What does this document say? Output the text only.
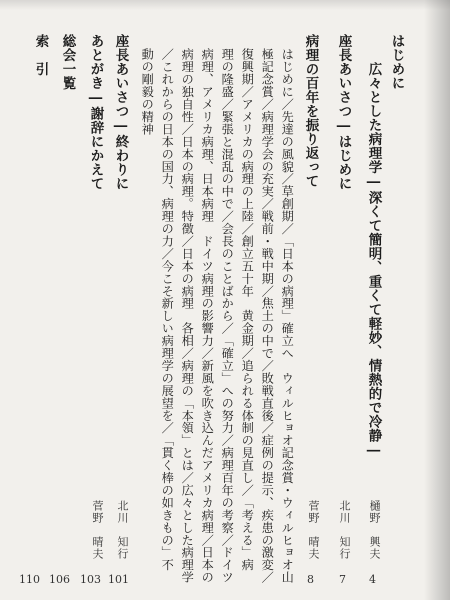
はじめに
広々とした病理学―深くて簡明、重くて軽妙、情熱的で冷静―
樋野　興夫
4
座長あいさつ―はじめに
北川　知行
7
病理の百年を振り返って
菅野　晴夫
8
はじめに／先達の風貌／草創期／「日本の病理」確立へ　ウィルヒョオ記念賞・ウィルヒョオ山
極記念賞／病理学会の充実／戦前・戦中期／焦土の中で／敗戦直後／症例の提示、疾患の激変／
復興期／アメリカの病理の上陸／創立五十年　黄金期／追られる体制の見直し／「考える」病
理の隆盛／緊張と混乱の中で／会長のことばから／「確立」への努力／病理百年の考察／ドイツ
病理、アメリカ病理、日本病理　ドイツ病理の影響力／新風を吹き込んだアメリカ病理／日本の
病理の独自性／日本の病理。特徴／日本の病理　各相／病理の「本領」とは／広々とした病理学
／これからの日本の国力、病理の力／今こそ新しい病理学の展望を／「貫く棒の如きもの」不
動の剛毅の精神
座長あいさつ―終わりに
北川　知行
101
あとがき―謝辞にかえて
菅野　晴夫
103
総会一覧
106
索　引
110
